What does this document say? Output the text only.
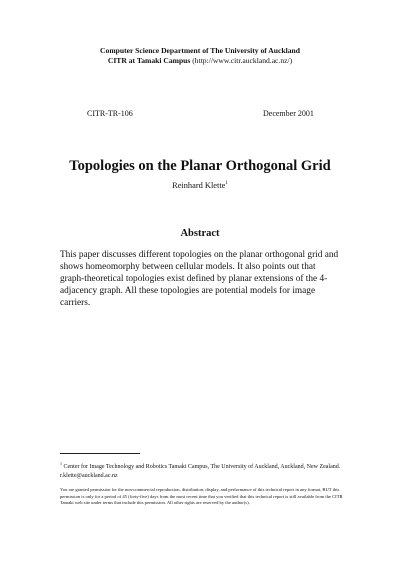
Computer Science Department of The University of Auckland
CITR at Tamaki Campus (http://www.citr.auckland.ac.nz/)
CITR-TR-106	December 2001
Topologies on the Planar Orthogonal Grid
Reinhard Klette$^1$
Abstract

This paper discusses different topologies on the planar orthogonal grid and shows homeomorphy between cellular models. It also points out that graph-theoretical topologies exist defined by planar extensions of the 4-adjacency graph. All these topologies are potential models for image carriers.

$^1$ Center for Image Technology and Robotics Tamaki Campus, The University of Auckland, Auckland, New Zealand. r.klette@auckland.ac.nz

You are granted permission for the non-commercial reproduction, distribution, display, and performance of this technical report in any format, BUT this permission is only for a period of 45 (forty-five) days from the most recent time that you verified that this technical report is still available from the CITR Tamaki web site under terms that include this permission. All other rights are reserved by the author(s).
